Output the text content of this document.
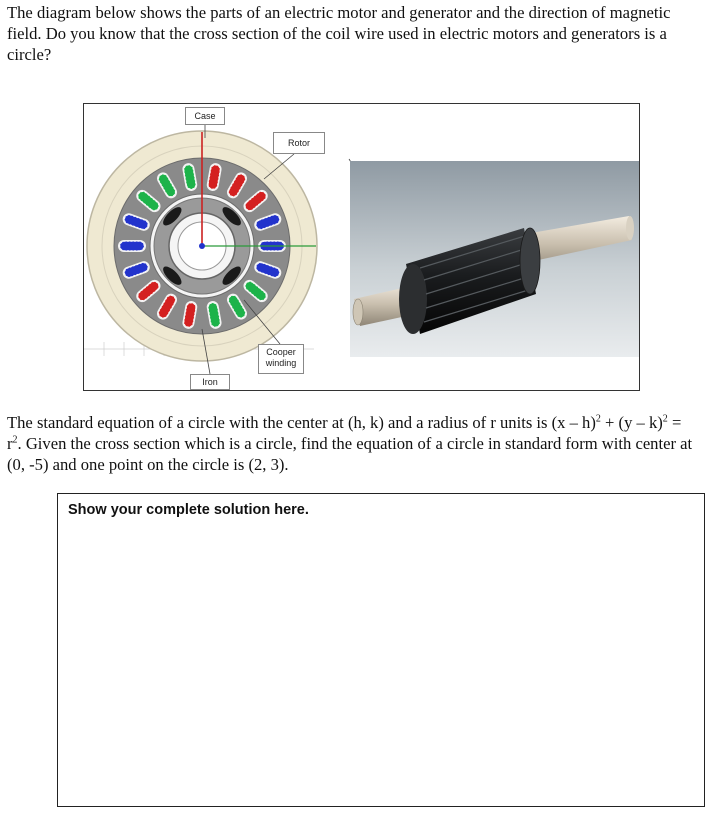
The diagram below shows the parts of an electric motor and generator and the direction of magnetic field. Do you know that the cross section of the coil wire used in electric motors and generators is a circle?

Case
Rotor
Cooper winding
Iron

The standard equation of a circle with the center at (h, k) and a radius of r units is $(x - h)^2 + (y - k)^2 = r^2$. Given the cross section which is a circle, find the equation of a circle in standard form with center at (0, -5) and one point on the circle is (2, 3).

Show your complete solution here.
